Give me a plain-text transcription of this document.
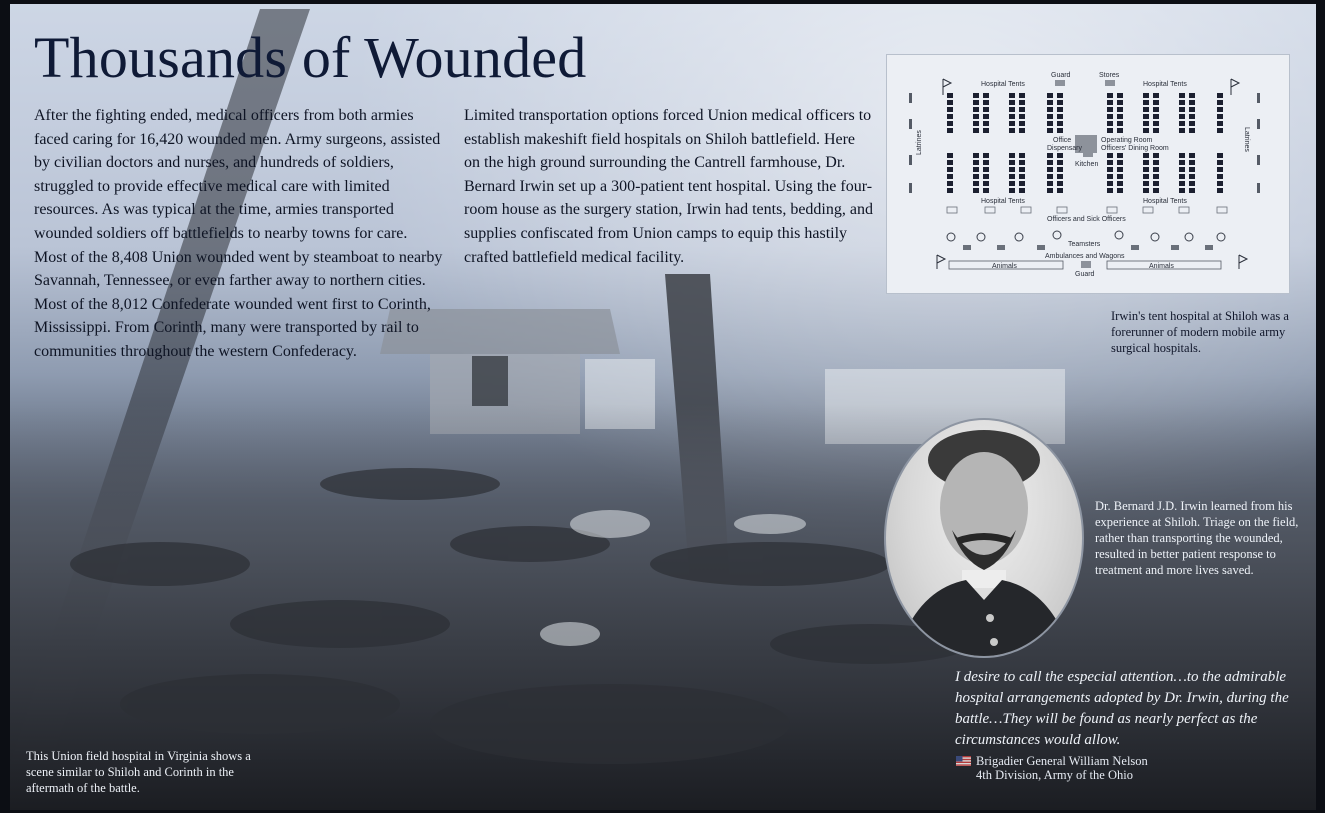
Thousands of Wounded

After the fighting ended, medical officers from both armies faced caring for 16,420 wounded men. Army surgeons, assisted by civilian doctors and nurses, and hundreds of soldiers, struggled to provide effective medical care with limited resources. As was typical at the time, armies transported wounded soldiers off battlefields to nearby towns for care. Most of the 8,408 Union wounded went by steamboat to nearby Savannah, Tennessee, or even farther away to northern cities. Most of the 8,012 Confederate wounded went first to Corinth, Mississippi. From Corinth, many were transported by rail to communities throughout the western Confederacy.

Limited transportation options forced Union medical officers to establish makeshift field hospitals on Shiloh battlefield. Here on the high ground surrounding the Cantrell farmhouse, Dr. Bernard Irwin set up a 300-patient tent hospital. Using the four-room house as the surgery station, Irwin had tents, bedding, and supplies confiscated from Union camps to equip this hastily crafted battlefield medical facility.

Hospital Tents
Guard	Stores
Hospital Tents
Latrines	Latrines
Office
Dispensary
Operating Room
Officers' Dining Room
Kitchen
Hospital Tents	Hospital Tents
Officers and Sick Officers
Teamsters
Ambulances and Wagons
Animals	Animals
Guard

Irwin's tent hospital at Shiloh was a forerunner of modern mobile army surgical hospitals.

Dr. Bernard J.D. Irwin learned from his experience at Shiloh. Triage on the field, rather than transporting the wounded, resulted in better patient response to treatment and more lives saved.

I desire to call the especial attention…to the admirable hospital arrangements adopted by Dr. Irwin, during the battle…They will be found as nearly perfect as the circumstances would allow.

Brigadier General William Nelson
4th Division, Army of the Ohio

This Union field hospital in Virginia shows a scene similar to Shiloh and Corinth in the aftermath of the battle.
